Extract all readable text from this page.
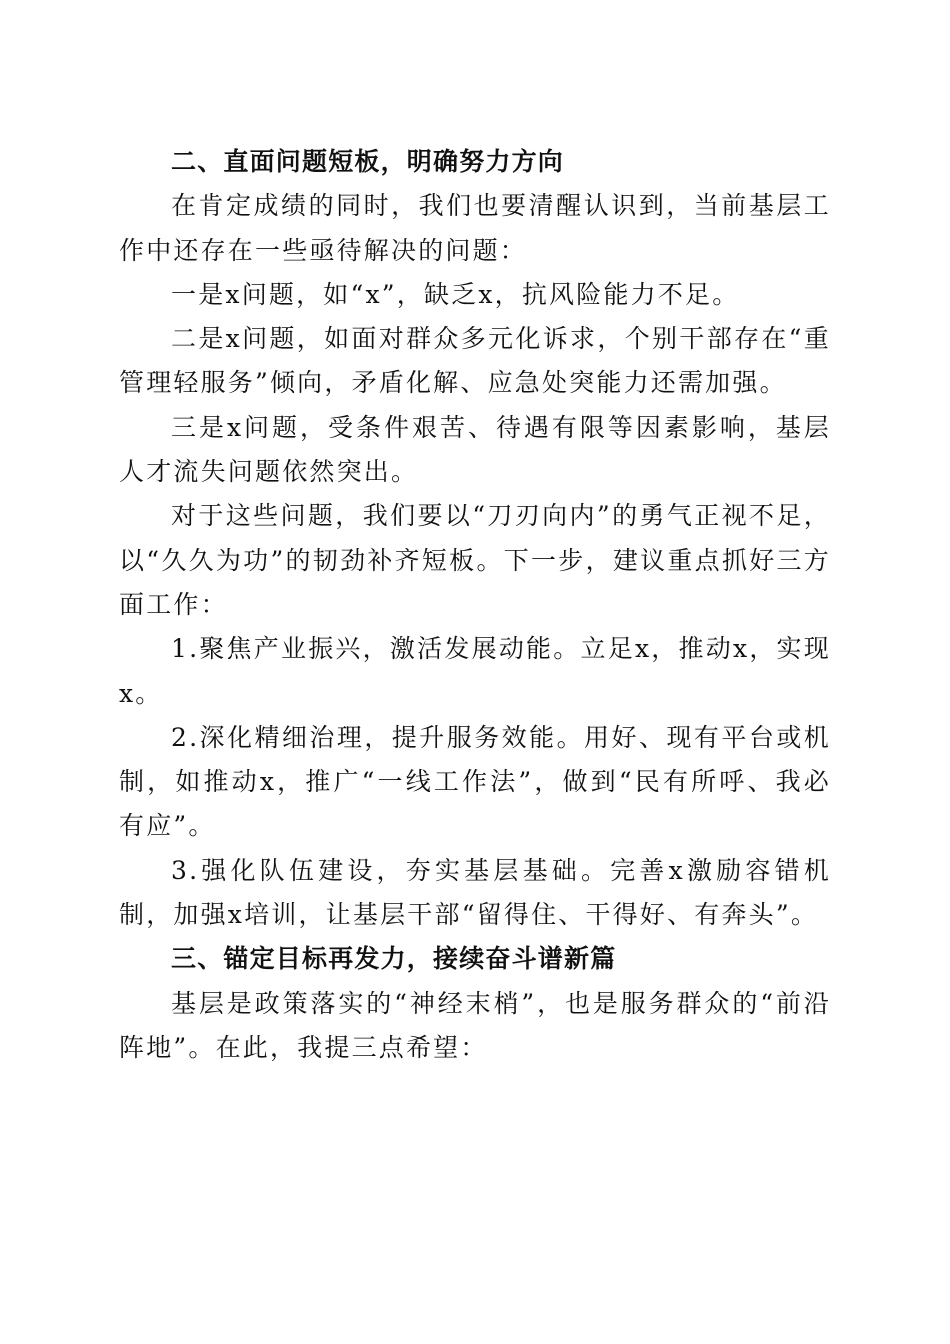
二、直面问题短板，明确努力方向

在肯定成绩的同时，我们也要清醒认识到，当前基层工作中还存在一些亟待解决的问题：

一是x问题，如“x”，缺乏x，抗风险能力不足。

二是x问题，如面对群众多元化诉求，个别干部存在“重管理轻服务”倾向，矛盾化解、应急处突能力还需加强。

三是x问题，受条件艰苦、待遇有限等因素影响，基层人才流失问题依然突出。

对于这些问题，我们要以“刀刃向内”的勇气正视不足，以“久久为功”的韧劲补齐短板。下一步，建议重点抓好三方面工作：

1.聚焦产业振兴，激活发展动能。立足x，推动x，实现x。

2.深化精细治理，提升服务效能。用好、现有平台或机制，如推动x，推广“一线工作法”，做到“民有所呼、我必有应”。

3.强化队伍建设，夯实基层基础。完善x激励容错机制，加强x培训，让基层干部“留得住、干得好、有奔头”。

三、锚定目标再发力，接续奋斗谱新篇

基层是政策落实的“神经末梢”，也是服务群众的“前沿阵地”。在此，我提三点希望：
